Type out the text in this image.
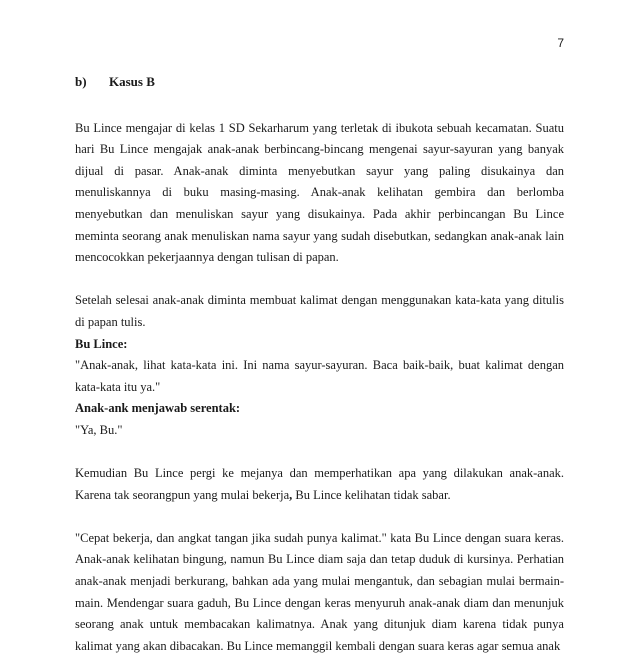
7
b) Kasus B

Bu Lince mengajar di kelas 1 SD Sekarharum yang terletak di ibukota sebuah kecamatan. Suatu hari Bu Lince mengajak anak-anak berbincang-bincang mengenai sayur-sayuran yang banyak dijual di pasar. Anak-anak diminta menyebutkan sayur yang paling disukainya dan menuliskannya di buku masing-masing. Anak-anak kelihatan gembira dan berlomba menyebutkan dan menuliskan sayur yang disukainya. Pada akhir perbincangan Bu Lince meminta seorang anak menuliskan nama sayur yang sudah disebutkan, sedangkan anak-anak lain mencocokkan pekerjaannya dengan tulisan di papan.

Setelah selesai anak-anak diminta membuat kalimat dengan menggunakan kata-kata yang ditulis di papan tulis.

Bu Lince:

"Anak-anak, lihat kata-kata ini. Ini nama sayur-sayuran. Baca baik-baik, buat kalimat dengan kata-kata itu ya."

Anak-ank menjawab serentak:

"Ya, Bu."

Kemudian Bu Lince pergi ke mejanya dan memperhatikan apa yang dilakukan anak-anak. Karena tak seorangpun yang mulai bekerja, Bu Lince kelihatan tidak sabar.

"Cepat bekerja, dan angkat tangan jika sudah punya kalimat." kata Bu Lince dengan suara keras. Anak-anak kelihatan bingung, namun Bu Lince diam saja dan tetap duduk di kursinya. Perhatian anak-anak menjadi berkurang, bahkan ada yang mulai mengantuk, dan sebagian mulai bermain-main. Mendengar suara gaduh, Bu Lince dengan keras menyuruh anak-anak diam dan menunjuk seorang anak untuk membacakan kalimatnya. Anak yang ditunjuk diam karena tidak punya kalimat yang akan dibacakan. Bu Lince memanggil kembali dengan suara keras agar semua anak
